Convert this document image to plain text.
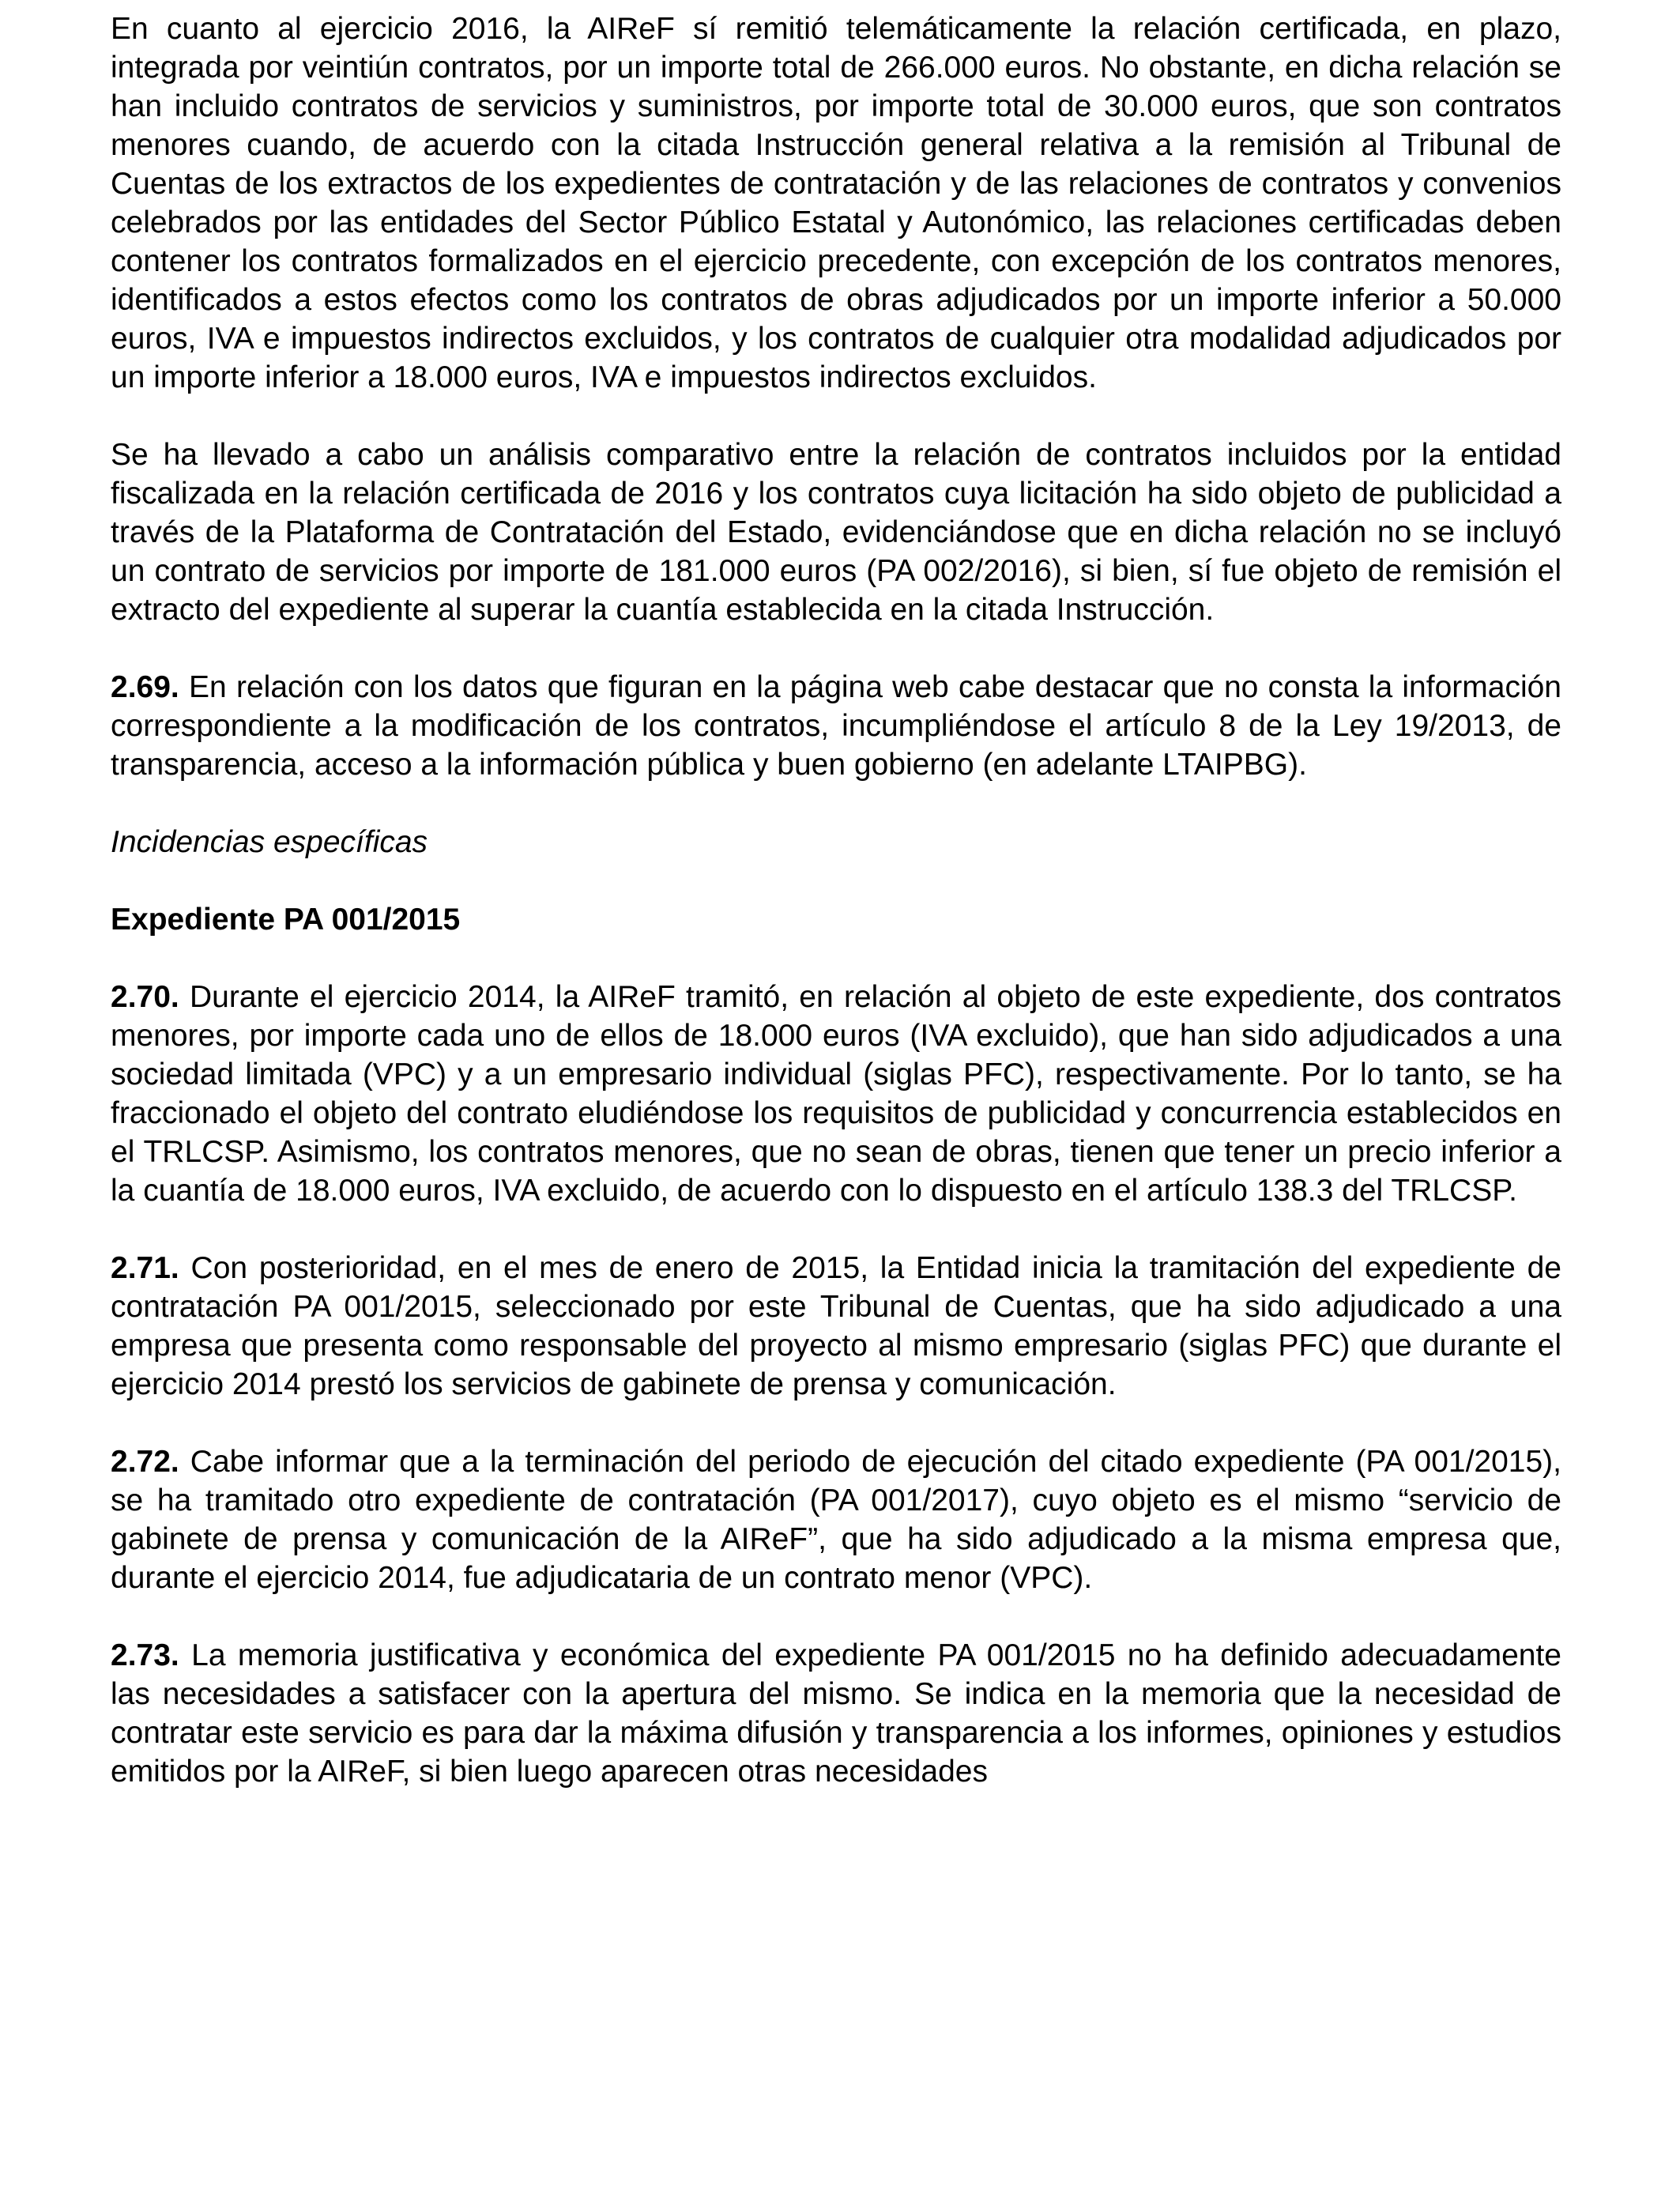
En cuanto al ejercicio 2016, la AIReF sí remitió telemáticamente la relación certificada, en plazo, integrada por veintiún contratos, por un importe total de 266.000 euros. No obstante, en dicha relación se han incluido contratos de servicios y suministros, por importe total de 30.000 euros, que son contratos menores cuando, de acuerdo con la citada Instrucción general relativa a la remisión al Tribunal de Cuentas de los extractos de los expedientes de contratación y de las relaciones de contratos y convenios celebrados por las entidades del Sector Público Estatal y Autonómico, las relaciones certificadas deben contener los contratos formalizados en el ejercicio precedente, con excepción de los contratos menores, identificados a estos efectos como los contratos de obras adjudicados por un importe inferior a 50.000 euros, IVA e impuestos indirectos excluidos, y los contratos de cualquier otra modalidad adjudicados por un importe inferior a 18.000 euros, IVA e impuestos indirectos excluidos.

Se ha llevado a cabo un análisis comparativo entre la relación de contratos incluidos por la entidad fiscalizada en la relación certificada de 2016 y los contratos cuya licitación ha sido objeto de publicidad a través de la Plataforma de Contratación del Estado, evidenciándose que en dicha relación no se incluyó un contrato de servicios por importe de 181.000 euros (PA 002/2016), si bien, sí fue objeto de remisión el extracto del expediente al superar la cuantía establecida en la citada Instrucción.

2.69. En relación con los datos que figuran en la página web cabe destacar que no consta la información correspondiente a la modificación de los contratos, incumpliéndose el artículo 8 de la Ley 19/2013, de transparencia, acceso a la información pública y buen gobierno (en adelante LTAIPBG).

Incidencias específicas

Expediente PA 001/2015

2.70. Durante el ejercicio 2014, la AIReF tramitó, en relación al objeto de este expediente, dos contratos menores, por importe cada uno de ellos de 18.000 euros (IVA excluido), que han sido adjudicados a una sociedad limitada (VPC) y a un empresario individual (siglas PFC), respectivamente. Por lo tanto, se ha fraccionado el objeto del contrato eludiéndose los requisitos de publicidad y concurrencia establecidos en el TRLCSP. Asimismo, los contratos menores, que no sean de obras, tienen que tener un precio inferior a la cuantía de 18.000 euros, IVA excluido, de acuerdo con lo dispuesto en el artículo 138.3 del TRLCSP.

2.71. Con posterioridad, en el mes de enero de 2015, la Entidad inicia la tramitación del expediente de contratación PA 001/2015, seleccionado por este Tribunal de Cuentas, que ha sido adjudicado a una empresa que presenta como responsable del proyecto al mismo empresario (siglas PFC) que durante el ejercicio 2014 prestó los servicios de gabinete de prensa y comunicación.

2.72. Cabe informar que a la terminación del periodo de ejecución del citado expediente (PA 001/2015), se ha tramitado otro expediente de contratación (PA 001/2017), cuyo objeto es el mismo “servicio de gabinete de prensa y comunicación de la AIReF”, que ha sido adjudicado a la misma empresa que, durante el ejercicio 2014, fue adjudicataria de un contrato menor (VPC).

2.73. La memoria justificativa y económica del expediente PA 001/2015 no ha definido adecuadamente las necesidades a satisfacer con la apertura del mismo. Se indica en la memoria que la necesidad de contratar este servicio es para dar la máxima difusión y transparencia a los informes, opiniones y estudios emitidos por la AIReF, si bien luego aparecen otras necesidades
